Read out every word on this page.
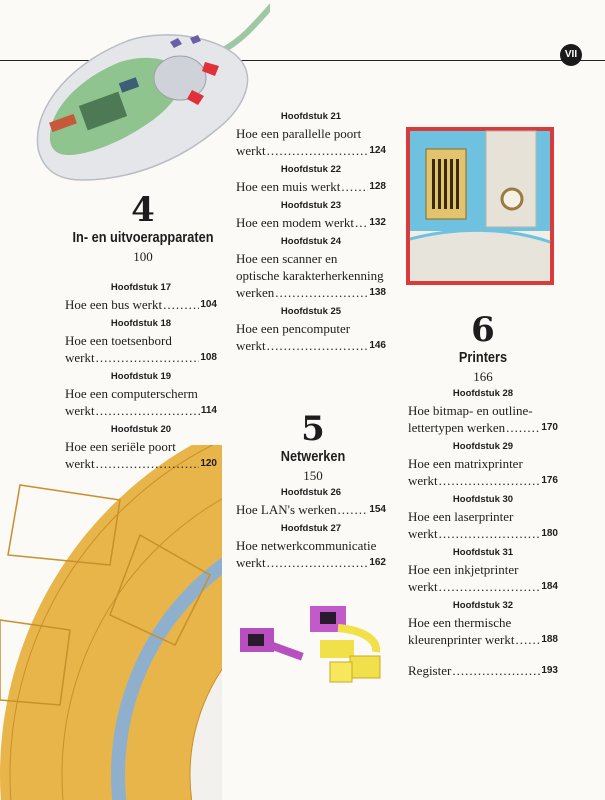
VII
4
In- en uitvoerapparaten
100
5
Netwerken
150
6
Printers
166
Hoofdstuk 17
Hoe een bus werkt .....	104
Hoofdstuk 18
Hoe een toetsenbord
werkt .....	108
Hoofdstuk 19
Hoe een computerscherm
werkt .....	114
Hoofdstuk 20
Hoe een seriële poort
werkt .....	120
Hoofdstuk 21
Hoe een parallelle poort
werkt .....	124
Hoofdstuk 22
Hoe een muis werkt .....	128
Hoofdstuk 23
Hoe een modem werkt ..... 132
Hoofdstuk 24
Hoe een scanner en
optische karakterherkenning
werken .....	138
Hoofdstuk 25
Hoe een pencomputer
werkt .....	146
Hoofdstuk 26
Hoe LAN's werken .....	154
Hoofdstuk 27
Hoe netwerkcommunicatie
werkt .....	162
Hoofdstuk 28
Hoe bitmap- en outline-
lettertypen werken .....	170
Hoofdstuk 29
Hoe een matrixprinter
werkt .....	176
Hoofdstuk 30
Hoe een laserprinter
werkt .....	180
Hoofdstuk 31
Hoe een inkjetprinter
werkt .....	184
Hoofdstuk 32
Hoe een thermische
kleurenprinter werkt .....	188
Register .....	193
